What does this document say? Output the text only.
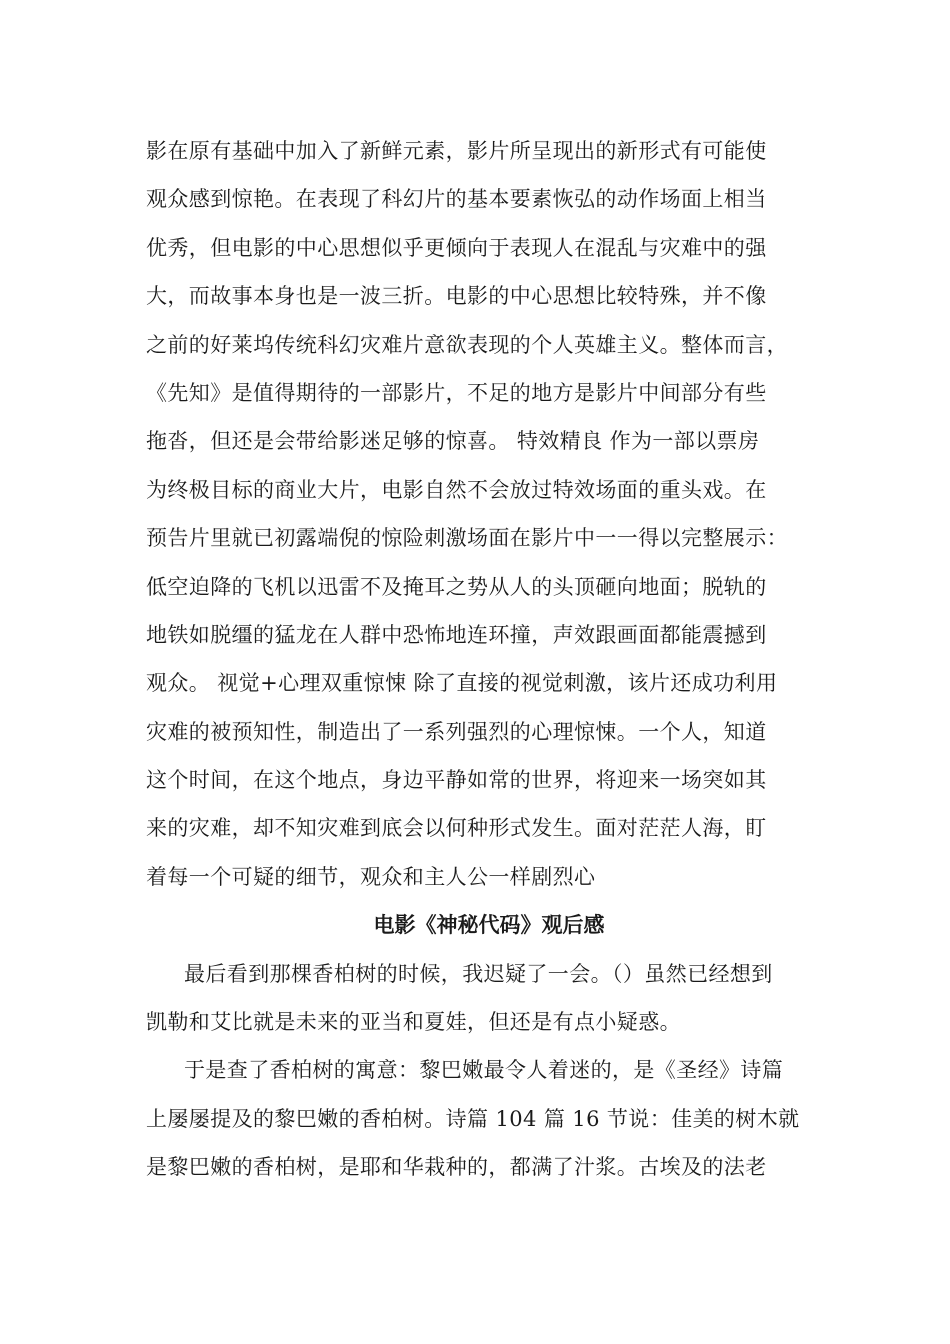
影在原有基础中加入了新鲜元素，影片所呈现出的新形式有可能使
观众感到惊艳。在表现了科幻片的基本要素恢弘的动作场面上相当
优秀，但电影的中心思想似乎更倾向于表现人在混乱与灾难中的强
大，而故事本身也是一波三折。电影的中心思想比较特殊，并不像
之前的好莱坞传统科幻灾难片意欲表现的个人英雄主义。整体而言，
《先知》是值得期待的一部影片，不足的地方是影片中间部分有些
拖沓，但还是会带给影迷足够的惊喜。 特效精良 作为一部以票房
为终极目标的商业大片，电影自然不会放过特效场面的重头戏。在
预告片里就已初露端倪的惊险刺激场面在影片中一一得以完整展示：
低空迫降的飞机以迅雷不及掩耳之势从人的头顶砸向地面；脱轨的
地铁如脱缰的猛龙在人群中恐怖地连环撞，声效跟画面都能震撼到
观众。 视觉+心理双重惊悚 除了直接的视觉刺激，该片还成功利用
灾难的被预知性，制造出了一系列强烈的心理惊悚。一个人，知道
这个时间，在这个地点，身边平静如常的世界，将迎来一场突如其
来的灾难，却不知灾难到底会以何种形式发生。面对茫茫人海，盯
着每一个可疑的细节，观众和主人公一样剧烈心
电影《神秘代码》观后感
最后看到那棵香柏树的时候，我迟疑了一会。（）虽然已经想到
凯勒和艾比就是未来的亚当和夏娃，但还是有点小疑惑。
于是查了香柏树的寓意：黎巴嫩最令人着迷的，是《圣经》诗篇
上屡屡提及的黎巴嫩的香柏树。诗篇 104 篇 16 节说：佳美的树木就
是黎巴嫩的香柏树，是耶和华栽种的，都满了汁浆。古埃及的法老
